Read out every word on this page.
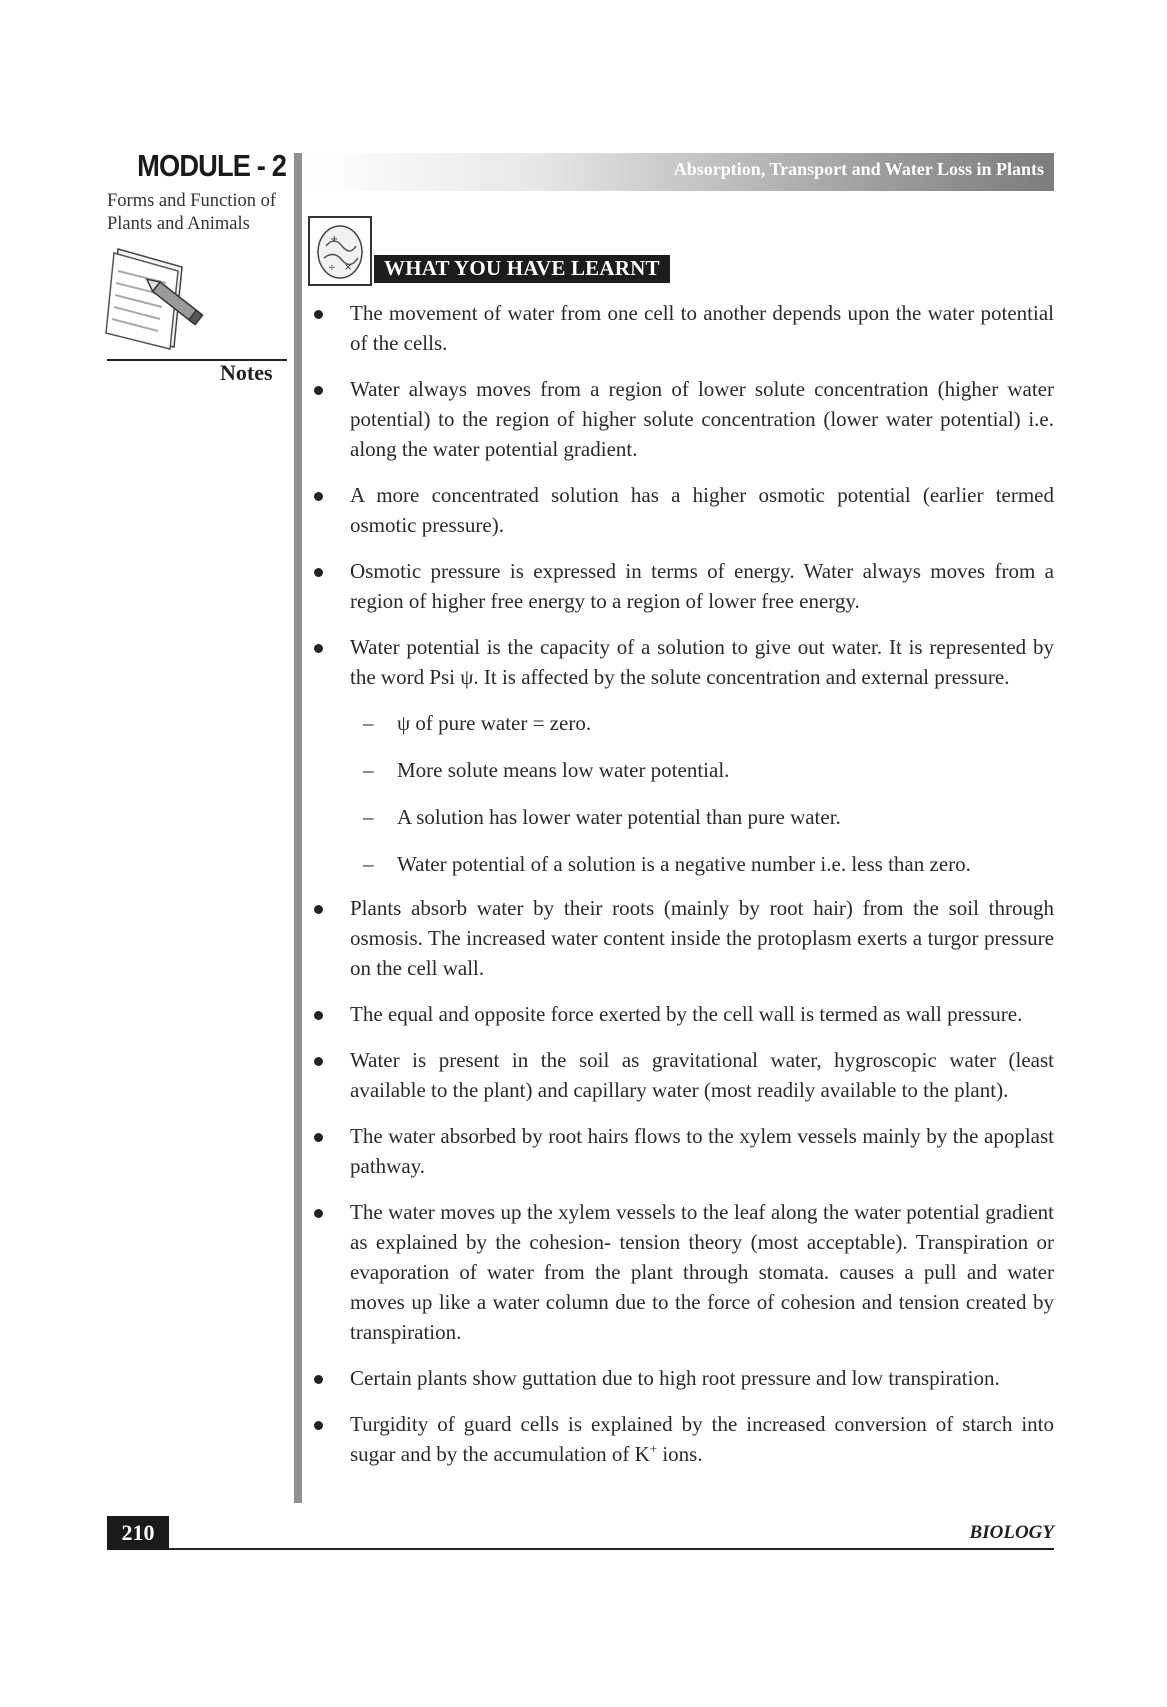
MODULE - 2
Forms and Function of Plants and Animals
Notes
Absorption, Transport and Water Loss in Plants
+
×
÷	WHAT YOU HAVE LEARNT
The movement of water from one cell to another depends upon the water potential of the cells.
Water always moves from a region of lower solute concentration (higher water potential) to the region of higher solute concentration (lower water potential) i.e. along the water potential gradient.
A more concentrated solution has a higher osmotic potential (earlier termed osmotic pressure).
Osmotic pressure is expressed in terms of energy. Water always moves from a region of higher free energy to a region of lower free energy.
Water potential is the capacity of a solution to give out water. It is represented by the word Psi ψ. It is affected by the solute concentration and external pressure.
– ψ of pure water = zero.
– More solute means low water potential.
– A solution has lower water potential than pure water.
– Water potential of a solution is a negative number i.e. less than zero.
Plants absorb water by their roots (mainly by root hair) from the soil through osmosis. The increased water content inside the protoplasm exerts a turgor pressure on the cell wall.
The equal and opposite force exerted by the cell wall is termed as wall pressure.
Water is present in the soil as gravitational water, hygroscopic water (least available to the plant) and capillary water (most readily available to the plant).
The water absorbed by root hairs flows to the xylem vessels mainly by the apoplast pathway.
The water moves up the xylem vessels to the leaf along the water potential gradient as explained by the cohesion- tension theory (most acceptable). Transpiration or evaporation of water from the plant through stomata. causes a pull and water moves up like a water column due to the force of cohesion and tension created by transpiration.
Certain plants show guttation due to high root pressure and low transpiration.
Turgidity of guard cells is explained by the increased conversion of starch into sugar and by the accumulation of K+ ions.
210	BIOLOGY
